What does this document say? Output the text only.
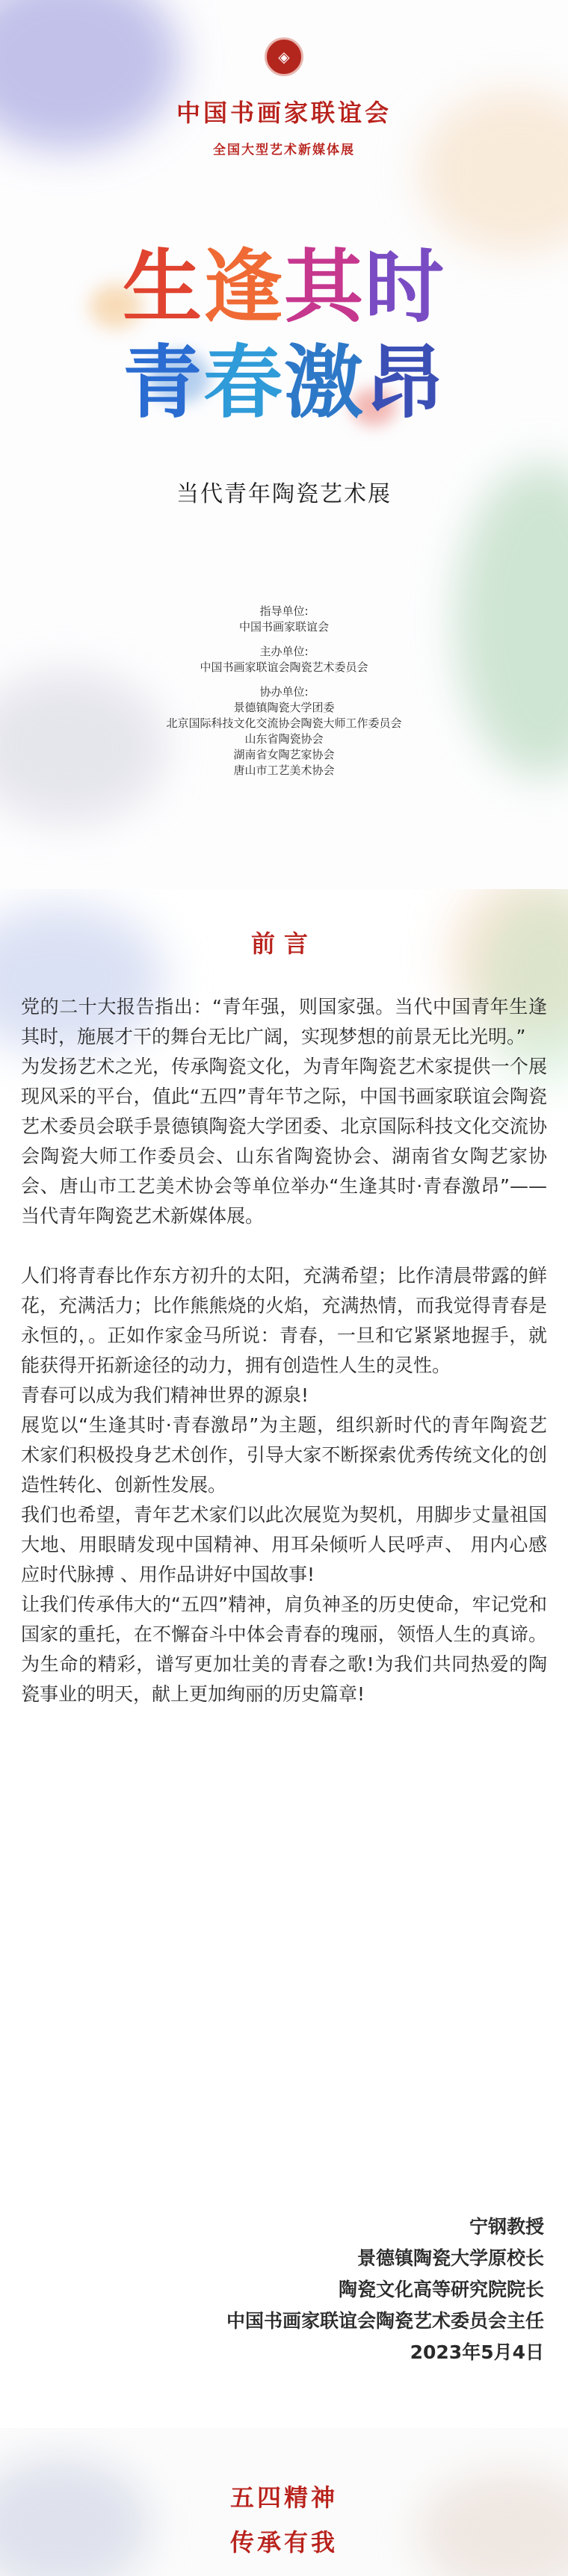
◈
中国书画家联谊会
全国大型艺术新媒体展
生逢其时
青春激昂
当代青年陶瓷艺术展
指导单位:
中国书画家联谊会
主办单位:
中国书画家联谊会陶瓷艺术委员会
协办单位:
景德镇陶瓷大学团委
北京国际科技文化交流协会陶瓷大师工作委员会
山东省陶瓷协会
湖南省女陶艺家协会
唐山市工艺美术协会
前言

党的二十大报告指出：“青年强，则国家强。当代中国青年生逢其时，施展才干的舞台无比广阔，实现梦想的前景无比光明。”

为发扬艺术之光，传承陶瓷文化，为青年陶瓷艺术家提供一个展现风采的平台，值此“五四”青年节之际，中国书画家联谊会陶瓷艺术委员会联手景德镇陶瓷大学团委、北京国际科技文化交流协会陶瓷大师工作委员会、山东省陶瓷协会、湖南省女陶艺家协会、唐山市工艺美术协会等单位举办“生逢其时·青春激昂”——当代青年陶瓷艺术新媒体展。

人们将青春比作东方初升的太阳，充满希望；比作清晨带露的鲜花，充满活力；比作熊熊烧的火焰，充满热情，而我觉得青春是永恒的，。正如作家金马所说：青春，一旦和它紧紧地握手，就能获得开拓新途径的动力，拥有创造性人生的灵性。

青春可以成为我们精神世界的源泉!

展览以“生逢其时·青春激昂”为主题，组织新时代的青年陶瓷艺术家们积极投身艺术创作，引导大家不断探索优秀传统文化的创造性转化、创新性发展。

我们也希望，青年艺术家们以此次展览为契机，用脚步丈量祖国大地、用眼睛发现中国精神、用耳朵倾听人民呼声、 用内心感应时代脉搏 、用作品讲好中国故事!

让我们传承伟大的“五四”精神，肩负神圣的历史使命，牢记党和国家的重托，在不懈奋斗中体会青春的瑰丽，领悟人生的真谛。为生命的精彩，谱写更加壮美的青春之歌!为我们共同热爱的陶瓷事业的明天，献上更加绚丽的历史篇章!

宁钢教授
景德镇陶瓷大学原校长
陶瓷文化高等研究院院长
中国书画家联谊会陶瓷艺术委员会主任
2023年5月4日
五四精神
传承有我
